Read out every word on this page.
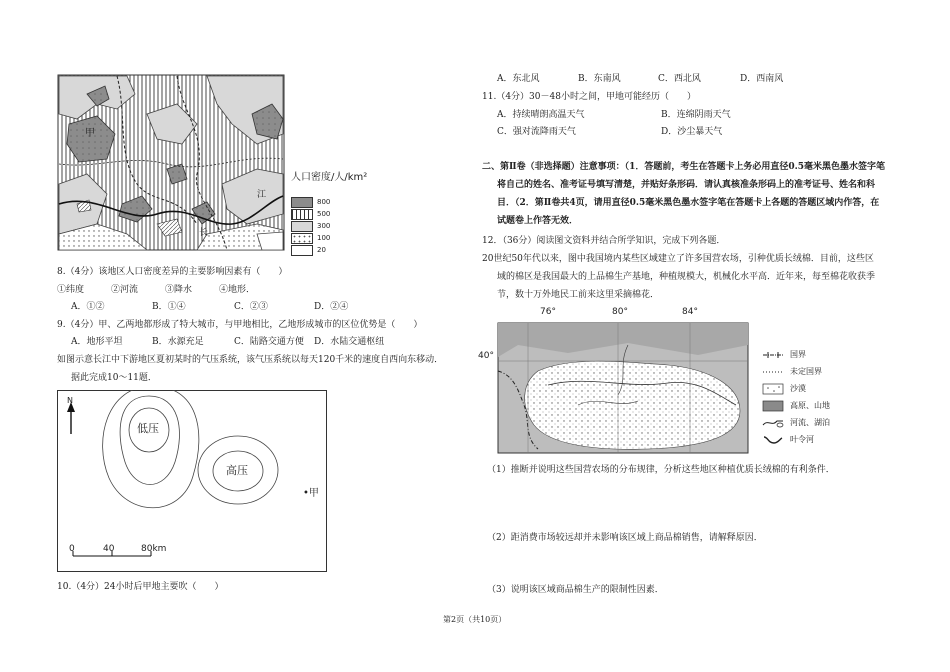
甲
江
长
人口密度/人/km²
800
500
300
100
20
8.（4分）该地区人口密度差异的主要影响因素有（　　）
①纬度　　　②河流　　　③降水　　　④地形．
A．①②	B．①④	C．②③	D．②④
9.（4分）甲、乙两地都形成了特大城市，与甲地相比，乙地形成城市的区位优势是（　　）
A．地形平坦	B．水源充足	C．陆路交通方便 D．水陆交通枢纽
如图示意长江中下游地区夏初某时的气压系统，该气压系统以每天120千米的速度自西向东移动．
据此完成10～11题．
N
低压
高压
•甲
0	40	80km
10.（4分）24小时后甲地主要吹（　　）
A．东北风	B．东南风	C．西北风	D．西南风
11.（4分）30－48小时之间，甲地可能经历（　　）
A．持续晴朗高温天气	B．连绵阴雨天气
C．强对流降雨天气	D．沙尘暴天气
二、第Ⅱ卷（非选择题）注意事项：（1．答题前，考生在答题卡上务必用直径0.5毫米黑色墨水签字笔
将自己的姓名、准考证号填写清楚，并贴好条形码．请认真核准条形码上的准考证号、姓名和科
目．（2．第Ⅱ卷共4页，请用直径0.5毫米黑色墨水签字笔在答题卡上各题的答题区域内作答，在
试题卷上作答无效．
12．（36分）阅读图文资料并结合所学知识，完成下列各题．
20世纪50年代以来，图中我国境内某些区域建立了许多国营农场，引种优质长绒棉．目前，这些区
域的棉区是我国最大的上品棉生产基地，种植规模大，机械化水平高．近年来，每至棉花收获季
节，数十万外地民工前来这里采摘棉花．
76°	80°	84°
40°	国界
未定国界
沙漠
高原、山地
河流、湖泊
叶令河
（1）推断并说明这些国营农场的分布规律，分析这些地区种植优质长绒棉的有利条件．
（2）距消费市场较远却并未影响该区域上商品棉销售，请解释原因．
（3）说明该区域商品棉生产的限制性因素．
第2页（共10页）
